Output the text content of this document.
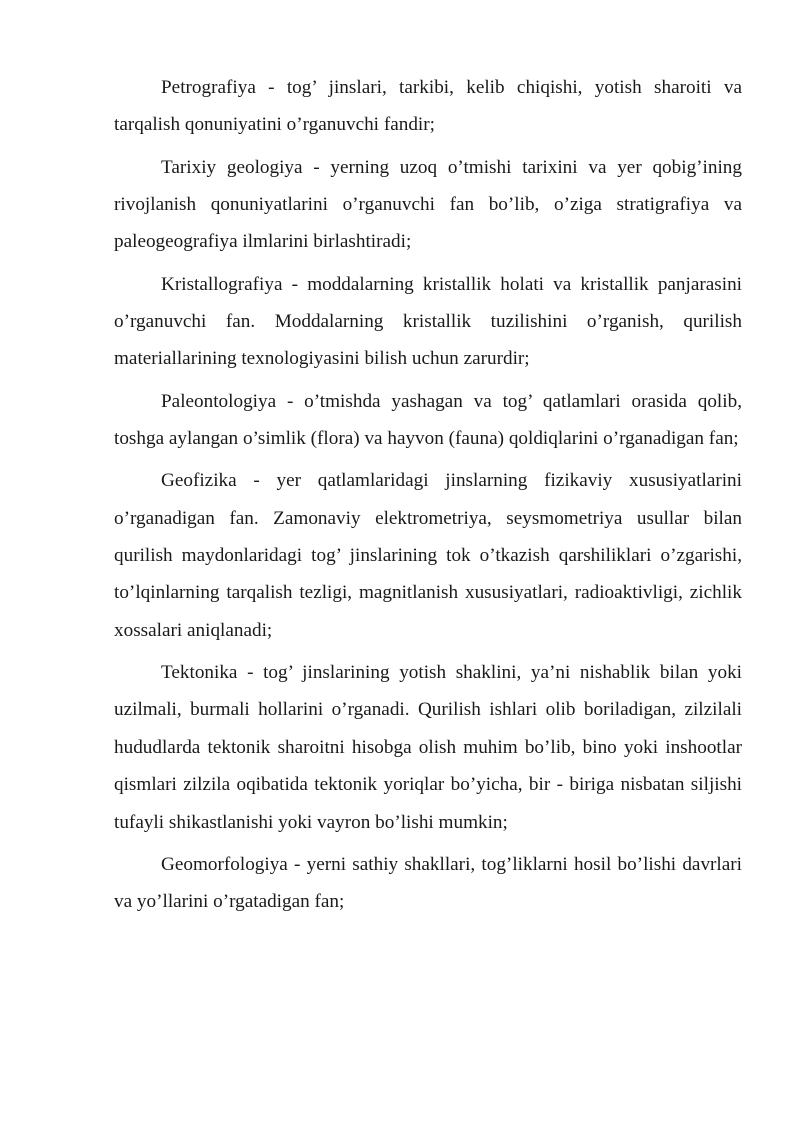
Petrografiya - tog’ jinslari, tarkibi, kelib chiqishi, yotish sharoiti va tarqalish qonuniyatini o’rganuvchi fandir;

Tarixiy geologiya - yerning uzoq o’tmishi tarixini va yer qobig’ining rivojlanish qonuniyatlarini o’rganuvchi fan bo’lib, o’ziga stratigrafiya va paleogeografiya ilmlarini birlashtiradi;

Kristallografiya - moddalarning kristallik holati va kristallik panjarasini o’rganuvchi fan. Moddalarning kristallik tuzilishini o’rganish, qurilish materiallarining texnologiyasini bilish uchun zarurdir;

Paleontologiya - o’tmishda yashagan va tog’ qatlamlari orasida qolib, toshga aylangan o’simlik (flora) va hayvon (fauna) qoldiqlarini o’rganadigan fan;

Geofizika - yer qatlamlaridagi jinslarning fizikaviy xususiyatlarini o’rganadigan fan. Zamonaviy elektrometriya, seysmometriya usullar bilan qurilish maydonlaridagi tog’ jinslarining tok o’tkazish qarshiliklari o’zgarishi, to’lqinlarning tarqalish tezligi, magnitlanish xususiyatlari, radioaktivligi, zichlik xossalari aniqlanadi;

Tektonika - tog’ jinslarining yotish shaklini, ya’ni nishablik bilan yoki uzilmali, burmali hollarini o’rganadi. Qurilish ishlari olib boriladigan, zilzilali hududlarda tektonik sharoitni hisobga olish muhim bo’lib, bino yoki inshootlar qismlari zilzila oqibatida tektonik yoriqlar bo’yicha, bir - biriga nisbatan siljishi tufayli shikastlanishi yoki vayron bo’lishi mumkin;

Geomorfologiya - yerni sathiy shakllari, tog’liklarni hosil bo’lishi davrlari va yo’llarini o’rgatadigan fan;
